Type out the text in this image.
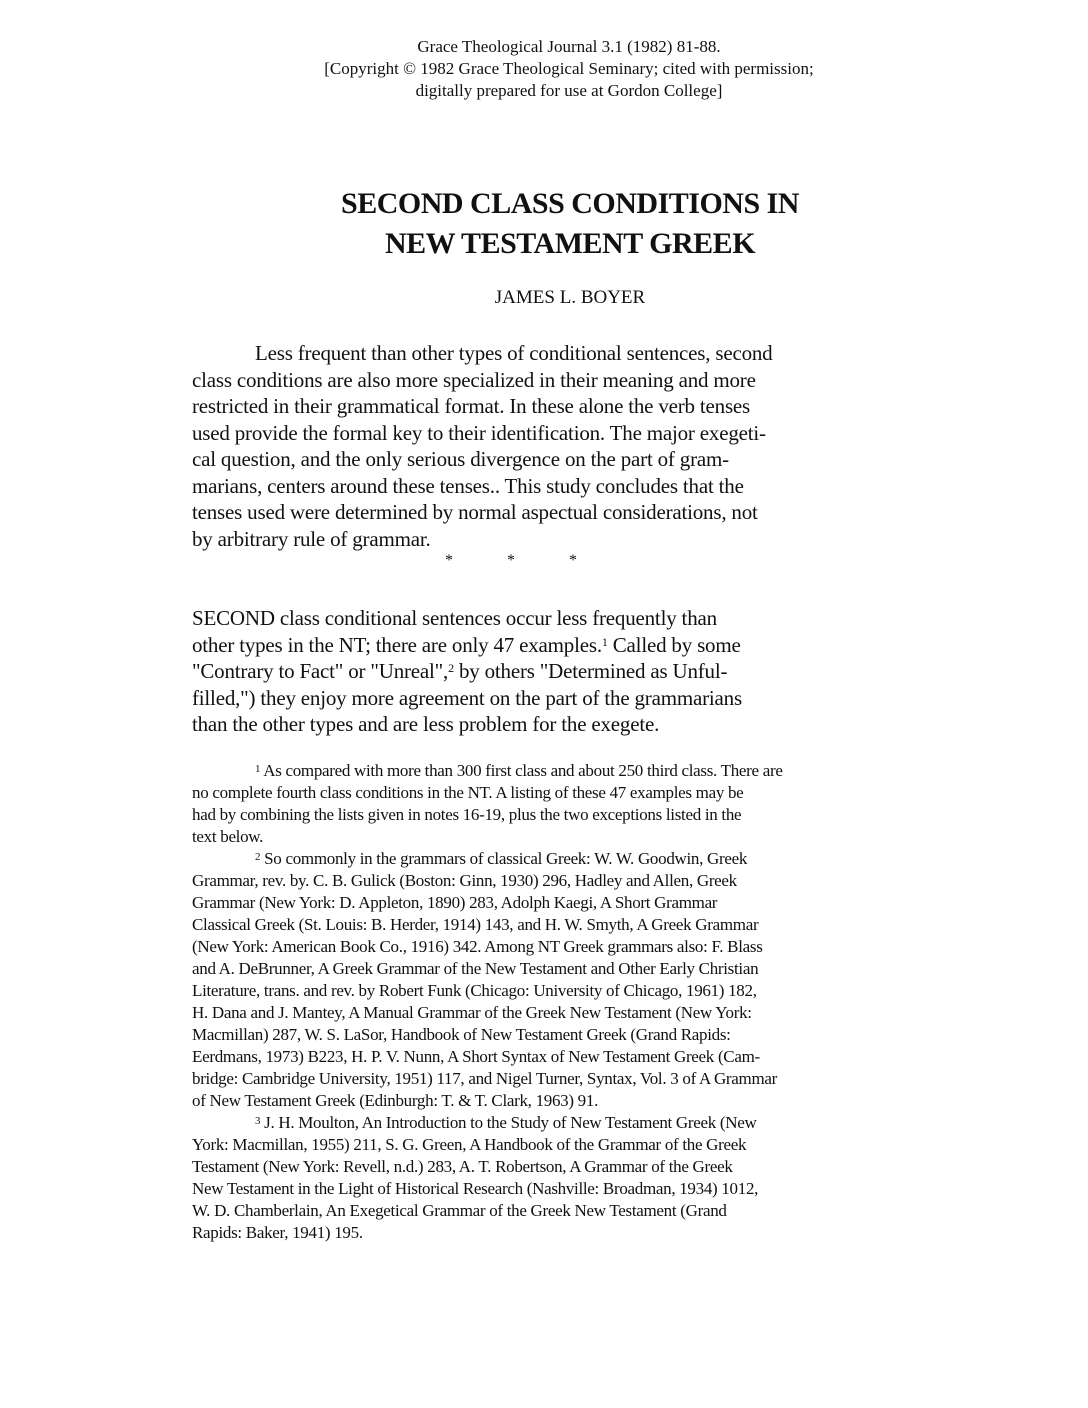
Grace Theological Journal 3.1 (1982) 81-88.
[Copyright © 1982 Grace Theological Seminary; cited with permission;
digitally prepared for use at Gordon College]
SECOND CLASS CONDITIONS IN
NEW TESTAMENT GREEK
JAMES L. BOYER
Less frequent than other types of conditional sentences, second
class conditions are also more specialized in their meaning and more
restricted in their grammatical format. In these alone the verb tenses
used provide the formal key to their identification. The major exegeti-
cal question, and the only serious divergence on the part of gram-
marians, centers around these tenses.. This study concludes that the
tenses used were determined by normal aspectual considerations, not
by arbitrary rule of grammar.
*   *   *
SECOND class conditional sentences occur less frequently than
other types in the NT; there are only 47 examples.$^1$ Called by some
"Contrary to Fact" or "Unreal",$^2$ by others "Determined as Unful-
filled,") they enjoy more agreement on the part of the grammarians
than the other types and are less problem for the exegete.
$^1$ As compared with more than 300 first class and about 250 third class. There are
no complete fourth class conditions in the NT. A listing of these 47 examples may be
had by combining the lists given in notes 16-19, plus the two exceptions listed in the
text below.
$^2$ So commonly in the grammars of classical Greek: W. W. Goodwin, Greek
Grammar, rev. by. C. B. Gulick (Boston: Ginn, 1930) 296, Hadley and Allen, Greek
Grammar (New York: D. Appleton, 1890) 283, Adolph Kaegi, A Short Grammar
Classical Greek (St. Louis: B. Herder, 1914) 143, and H. W. Smyth, A Greek Grammar
(New York: American Book Co., 1916) 342. Among NT Greek grammars also: F. Blass
and A. DeBrunner, A Greek Grammar of the New Testament and Other Early Christian
Literature, trans. and rev. by Robert Funk (Chicago: University of Chicago, 1961) 182,
H. Dana and J. Mantey, A Manual Grammar of the Greek New Testament (New York:
Macmillan) 287, W. S. LaSor, Handbook of New Testament Greek (Grand Rapids:
Eerdmans, 1973) B223, H. P. V. Nunn, A Short Syntax of New Testament Greek (Cam-
bridge: Cambridge University, 1951) 117, and Nigel Turner, Syntax, Vol. 3 of A Grammar
of New Testament Greek (Edinburgh: T. & T. Clark, 1963) 91.
$^3$ J. H. Moulton, An Introduction to the Study of New Testament Greek (New
York: Macmillan, 1955) 211, S. G. Green, A Handbook of the Grammar of the Greek
Testament (New York: Revell, n.d.) 283, A. T. Robertson, A Grammar of the Greek
New Testament in the Light of Historical Research (Nashville: Broadman, 1934) 1012,
W. D. Chamberlain, An Exegetical Grammar of the Greek New Testament (Grand
Rapids: Baker, 1941) 195.
